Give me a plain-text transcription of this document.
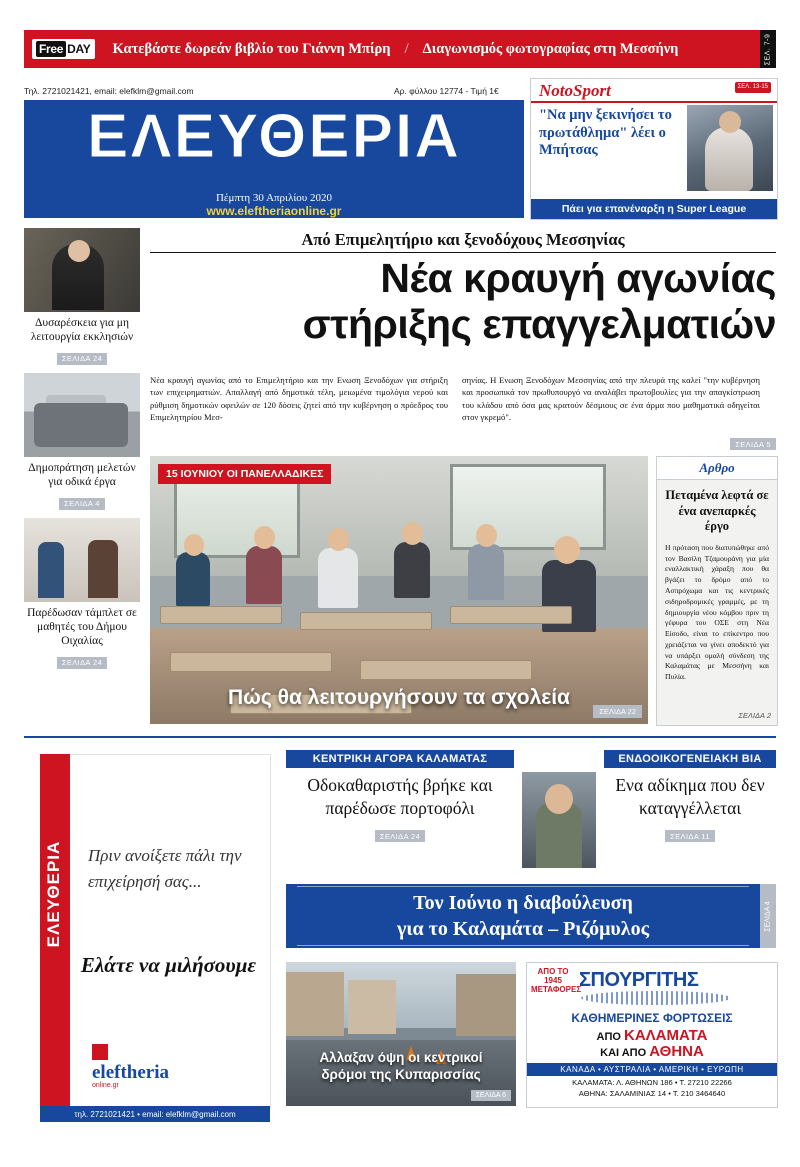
Free DAY Κατεβάστε δωρεάν βιβλίο του Γιάννη Μπίρη / Διαγωνισμός φωτογραφίας στη Μεσσήνη	ΣΕΛ. 7-9
Τηλ. 2721021421, email: elefklm@gmail.com	Αρ. φύλλου 12774 - Τιμή 1€
ΕΛΕΥΘΕΡΙΑ
Πέμπτη 30 Απριλίου 2020
www.eleftheriaonline.gr
NotoSport	ΣΕΛ. 13-15
"Να μην ξεκινήσει το πρωτάθλημα" λέει ο Μπήτσας
Πάει για επανέναρξη η Super League
Δυσαρέσκεια για μη λειτουργία εκκλησιών
ΣΕΛΙΔΑ 24
Δημοπράτηση μελετών για οδικά έργα
ΣΕΛΙΔΑ 4
Παρέδωσαν τάμπλετ σε μαθητές του Δήμου Οιχαλίας
ΣΕΛΙΔΑ 24
Από Επιμελητήριο και ξενοδόχους Μεσσηνίας
Νέα κραυγή αγωνίας
στήριξης επαγγελματιών
Νέα κραυγή αγωνίας από το Επιμελητήριο και την Ενωση Ξενοδόχων για στήριξη των επιχειρηματιών. Απαλλαγή από δημοτικά τέλη, μειωμένα τιμολόγια νερού και ρύθμιση δημοτικών οφειλών σε 120 δόσεις ζητεί από την κυβέρνηση ο πρόεδρος του Επιμελητηρίου Μεσ-
σηνίας. Η Ενωση Ξενοδόχων Μεσσηνίας από την πλευρά της καλεί "την κυβέρνηση και προσωπικά τον πρωθυπουργό να αναλάβει πρωτοβουλίες για την απαγκίστρωση του κλάδου από όσα μας κρατούν δέσμιους σε ένα άρμα που μαθηματικά οδηγείται στον γκρεμό".
ΣΕΛΙΔΑ 5
15 ΙΟΥΝΙΟΥ ΟΙ ΠΑΝΕΛΛΑΔΙΚΕΣ
Πώς θα λειτουργήσουν τα σχολεία
ΣΕΛΙΔΑ 22
Αρθρο
Πεταμένα λεφτά σε ένα ανεπαρκές έργο
Η πρόταση που διατυπώθηκε από τον Βασίλη Τζαμουράνη για μία εναλλακτική χάραξη που θα βγάζει το δρόμο από το Ασπρόχωμα και τις κεντρικές σιδηροδρομικές γραμμές, με τη δημιουργία νέου κόμβου πριν τη γέφυρα του ΟΣΕ στη Νέα Είσοδο, είναι το επίκεντρο που χρειάζεται να γίνει αποδεκτό για να υπάρξει ομαλή σύνδεση της Καλαμάτας με Μεσσήνη και Πυλία.
ΣΕΛΙΔΑ 2
ΕΛΕΥΘΕΡΙΑ Πριν ανοίξετε πάλι την επιχείρησή σας...
Ελάτε να μιλήσουμε
eleftheria
online.gr
τηλ. 2721021421 • email: elefklm@gmail.com
ΚΕΝΤΡΙΚΗ ΑΓΟΡΑ ΚΑΛΑΜΑΤΑΣ
Οδοκαθαριστής βρήκε και παρέδωσε πορτοφόλι
ΣΕΛΙΔΑ 24
ΕΝΔΟΟΙΚΟΓΕΝΕΙΑΚΗ ΒΙΑ
Ενα αδίκημα που δεν καταγγέλλεται
ΣΕΛΙΔΑ 11
Τον Ιούνιο η διαβούλευση
για το Καλαμάτα – Ριζόμυλος	ΣΕΛΙΔΑ 4
Αλλαξαν όψη οι κεντρικοί
δρόμοι της Κυπαρισσίας
ΣΕΛΙΔΑ 6
ΑΠΟ ΤΟ 1945 ΜΕΤΑΦΟΡΕΣ
ΣΠΟΥΡΓΙΤΗΣ
ΚΑΘΗΜΕΡΙΝΕΣ ΦΟΡΤΩΣΕΙΣ
ΑΠΟ ΚΑΛΑΜΑΤΑ
ΚΑΙ ΑΠΟ ΑΘΗΝΑ
ΚΑΝΑΔΑ • ΑΥΣΤΡΑΛΙΑ • ΑΜΕΡΙΚΗ • ΕΥΡΩΠΗ
ΚΑΛΑΜΑΤΑ: Λ. ΑΘΗΝΩΝ 186 • Τ. 27210 22266
ΑΘΗΝΑ: ΣΑΛΑΜΙΝΙΑΣ 14 • Τ. 210 3464640
